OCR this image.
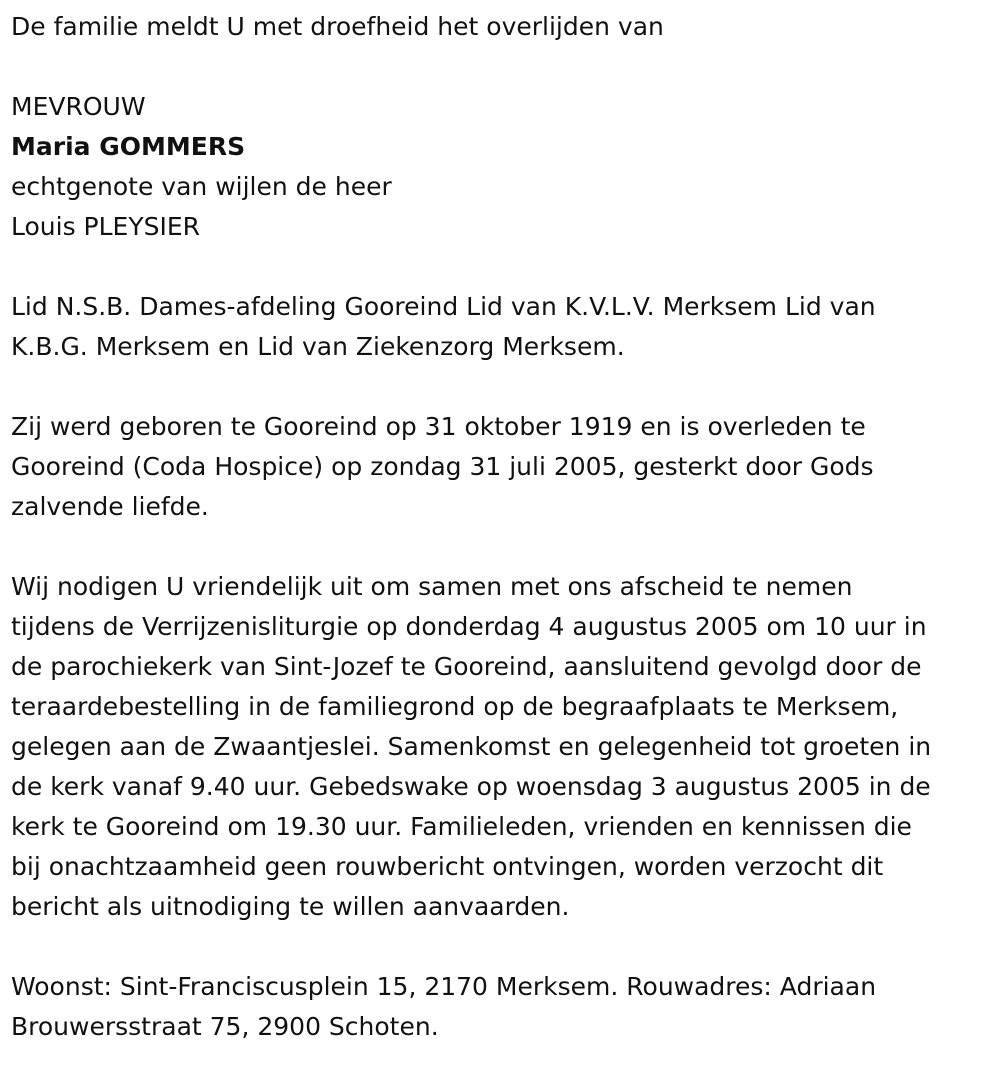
De familie meldt U met droefheid het overlijden van
MEVROUW
Maria GOMMERS
echtgenote van wijlen de heer
Louis PLEYSIER
Lid N.S.B. Dames-afdeling Gooreind Lid van K.V.L.V. Merksem Lid van
K.B.G. Merksem en Lid van Ziekenzorg Merksem.
Zij werd geboren te Gooreind op 31 oktober 1919 en is overleden te
Gooreind (Coda Hospice) op zondag 31 juli 2005, gesterkt door Gods
zalvende liefde.
Wij nodigen U vriendelijk uit om samen met ons afscheid te nemen
tijdens de Verrijzenisliturgie op donderdag 4 augustus 2005 om 10 uur in
de parochiekerk van Sint-Jozef te Gooreind, aansluitend gevolgd door de
teraardebestelling in de familiegrond op de begraafplaats te Merksem,
gelegen aan de Zwaantjeslei. Samenkomst en gelegenheid tot groeten in
de kerk vanaf 9.40 uur. Gebedswake op woensdag 3 augustus 2005 in de
kerk te Gooreind om 19.30 uur. Familieleden, vrienden en kennissen die
bij onachtzaamheid geen rouwbericht ontvingen, worden verzocht dit
bericht als uitnodiging te willen aanvaarden.
Woonst: Sint-Franciscusplein 15, 2170 Merksem. Rouwadres: Adriaan
Brouwersstraat 75, 2900 Schoten.
